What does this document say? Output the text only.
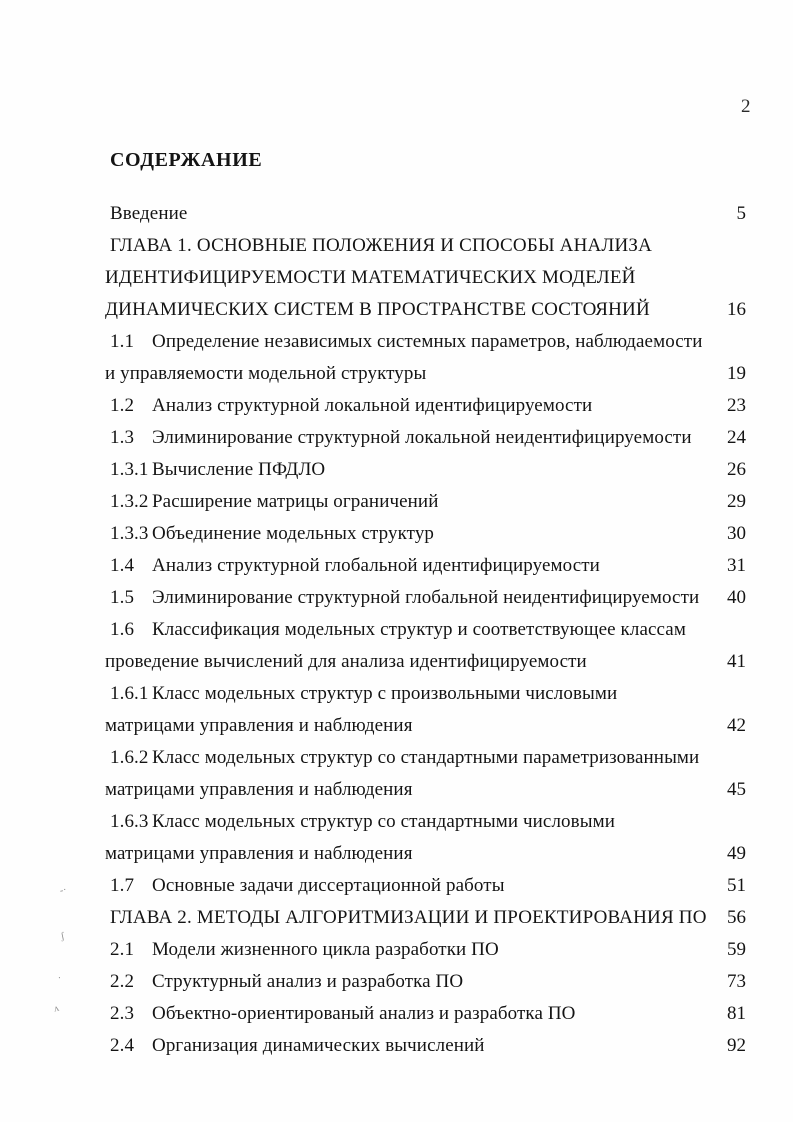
2
СОДЕРЖАНИЕ
Введение	5
ГЛАВА 1. ОСНОВНЫЕ ПОЛОЖЕНИЯ И СПОСОБЫ АНАЛИЗА
ИДЕНТИФИЦИРУЕМОСТИ МАТЕМАТИЧЕСКИХ МОДЕЛЕЙ
ДИНАМИЧЕСКИХ СИСТЕМ В ПРОСТРАНСТВЕ СОСТОЯНИЙ	16
1.1 Определение независимых системных параметров, наблюдаемости
и управляемости модельной структуры	19
1.2 Анализ структурной локальной идентифицируемости	23
1.3 Элиминирование структурной локальной неидентифицируемости	24
1.3.1 Вычисление ПФДЛО	26
1.3.2 Расширение матрицы ограничений	29
1.3.3 Объединение модельных структур	30
1.4 Анализ структурной глобальной идентифицируемости	31
1.5 Элиминирование структурной глобальной неидентифицируемости	40
1.6 Классификация модельных структур и соответствующее классам
проведение вычислений для анализа идентифицируемости	41
1.6.1 Класс модельных структур с произвольными числовыми
матрицами управления и наблюдения	42
1.6.2 Класс модельных структур со стандартными параметризованными
матрицами управления и наблюдения	45
1.6.3 Класс модельных структур со стандартными числовыми
матрицами управления и наблюдения	49
1.7 Основные задачи диссертационной работы	51
ГЛАВА 2. МЕТОДЫ АЛГОРИТМИЗАЦИИ И ПРОЕКТИРОВАНИЯ ПО	56
2.1 Модели жизненного цикла разработки ПО	59
2.2 Структурный анализ и разработка ПО	73
2.3 Объектно-ориентированый анализ и разработка ПО	81
2.4 Организация динамических вычислений	92
-·
ʃ
·
ʌ
